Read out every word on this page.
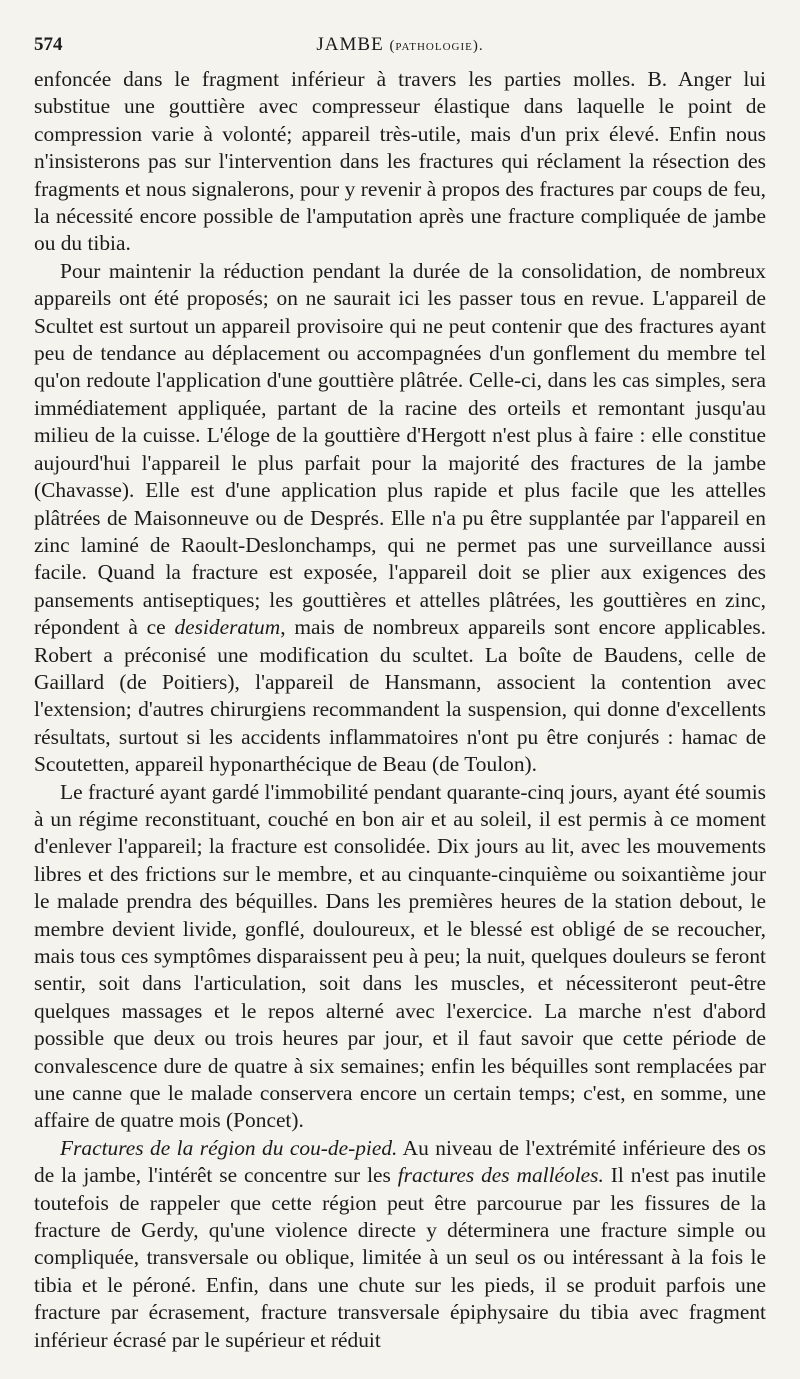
574	JAMBE (pathologie).

enfoncée dans le fragment inférieur à travers les parties molles. B. Anger lui substitue une gouttière avec compresseur élastique dans laquelle le point de compression varie à volonté; appareil très-utile, mais d'un prix élevé. Enfin nous n'insisterons pas sur l'intervention dans les fractures qui réclament la résection des fragments et nous signalerons, pour y revenir à propos des fractures par coups de feu, la nécessité encore possible de l'amputation après une fracture compliquée de jambe ou du tibia.

Pour maintenir la réduction pendant la durée de la consolidation, de nombreux appareils ont été proposés; on ne saurait ici les passer tous en revue. L'appareil de Scultet est surtout un appareil provisoire qui ne peut contenir que des fractures ayant peu de tendance au déplacement ou accompagnées d'un gonflement du membre tel qu'on redoute l'application d'une gouttière plâtrée. Celle-ci, dans les cas simples, sera immédiatement appliquée, partant de la racine des orteils et remontant jusqu'au milieu de la cuisse. L'éloge de la gouttière d'Hergott n'est plus à faire : elle constitue aujourd'hui l'appareil le plus parfait pour la majorité des fractures de la jambe (Chavasse). Elle est d'une application plus rapide et plus facile que les attelles plâtrées de Maisonneuve ou de Després. Elle n'a pu être supplantée par l'appareil en zinc laminé de Raoult-Deslonchamps, qui ne permet pas une surveillance aussi facile. Quand la fracture est exposée, l'appareil doit se plier aux exigences des pansements antiseptiques; les gouttières et attelles plâtrées, les gouttières en zinc, répondent à ce desideratum, mais de nombreux appareils sont encore applicables. Robert a préconisé une modification du scultet. La boîte de Baudens, celle de Gaillard (de Poitiers), l'appareil de Hansmann, associent la contention avec l'extension; d'autres chirurgiens recommandent la suspension, qui donne d'excellents résultats, surtout si les accidents inflammatoires n'ont pu être conjurés : hamac de Scoutetten, appareil hyponarthécique de Beau (de Toulon).

Le fracturé ayant gardé l'immobilité pendant quarante-cinq jours, ayant été soumis à un régime reconstituant, couché en bon air et au soleil, il est permis à ce moment d'enlever l'appareil; la fracture est consolidée. Dix jours au lit, avec les mouvements libres et des frictions sur le membre, et au cinquante-cinquième ou soixantième jour le malade prendra des béquilles. Dans les premières heures de la station debout, le membre devient livide, gonflé, douloureux, et le blessé est obligé de se recoucher, mais tous ces symptômes disparaissent peu à peu; la nuit, quelques douleurs se feront sentir, soit dans l'articulation, soit dans les muscles, et nécessiteront peut-être quelques massages et le repos alterné avec l'exercice. La marche n'est d'abord possible que deux ou trois heures par jour, et il faut savoir que cette période de convalescence dure de quatre à six semaines; enfin les béquilles sont remplacées par une canne que le malade conservera encore un certain temps; c'est, en somme, une affaire de quatre mois (Poncet).

Fractures de la région du cou-de-pied. Au niveau de l'extrémité inférieure des os de la jambe, l'intérêt se concentre sur les fractures des malléoles. Il n'est pas inutile toutefois de rappeler que cette région peut être parcourue par les fissures de la fracture de Gerdy, qu'une violence directe y déterminera une fracture simple ou compliquée, transversale ou oblique, limitée à un seul os ou intéressant à la fois le tibia et le péroné. Enfin, dans une chute sur les pieds, il se produit parfois une fracture par écrasement, fracture transversale épiphysaire du tibia avec fragment inférieur écrasé par le supérieur et réduit
